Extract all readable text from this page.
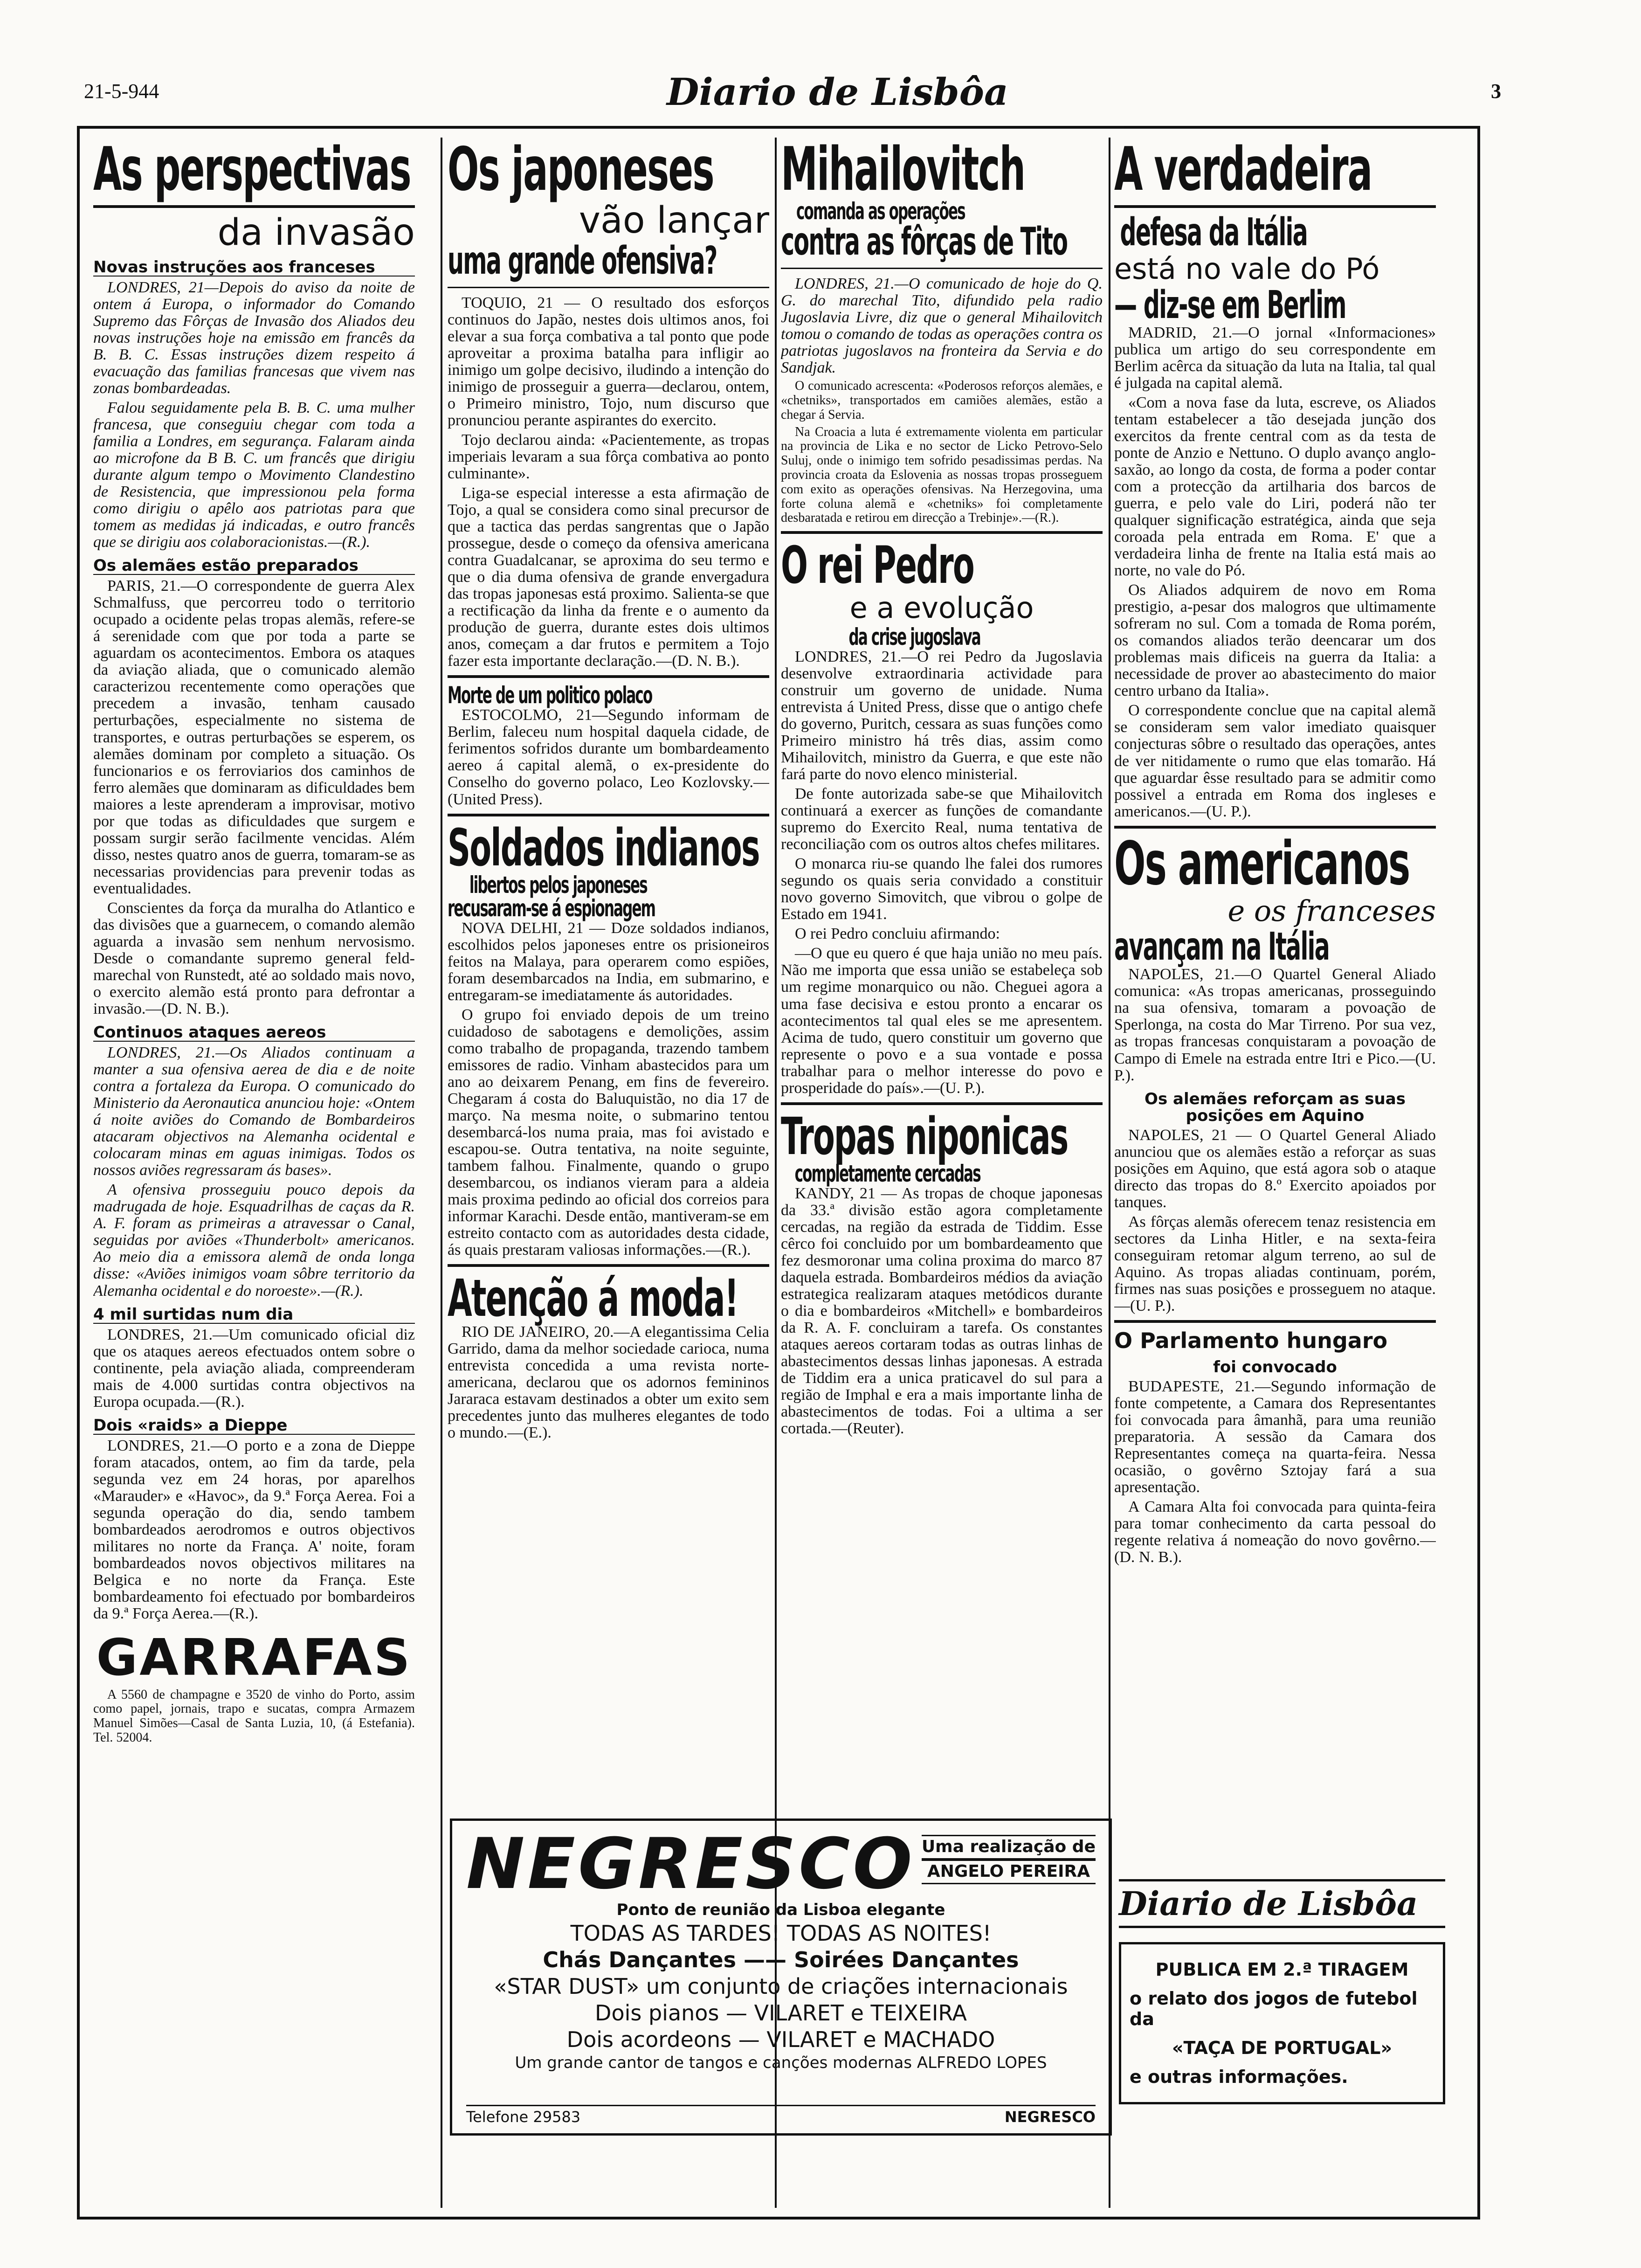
21-5-944	Diario de Lisbôa	3
As perspectivas
da invasão
Novas instruções aos franceses

LONDRES, 21—Depois do aviso da noite de ontem á Europa, o informador do Comando Supremo das Fôrças de Invasão dos Aliados deu novas instruções hoje na emissão em francês da B. B. C. Essas instruções dizem respeito á evacuação das familias francesas que vivem nas zonas bombardeadas.

Falou seguidamente pela B. B. C. uma mulher francesa, que conseguiu chegar com toda a familia a Londres, em segurança. Falaram ainda ao microfone da B B. C. um francês que dirigiu durante algum tempo o Movimento Clandestino de Resistencia, que impressionou pela forma como dirigiu o apêlo aos patriotas para que tomem as medidas já indicadas, e outro francês que se dirigiu aos colaboracionistas.—(R.).

Os alemães estão preparados

PARIS, 21.—O correspondente de guerra Alex Schmalfuss, que percorreu todo o territorio ocupado a ocidente pelas tropas alemãs, refere-se á serenidade com que por toda a parte se aguardam os acontecimentos. Embora os ataques da aviação aliada, que o comunicado alemão caracterizou recentemente como operações que precedem a invasão, tenham causado perturbações, especialmente no sistema de transportes, e outras perturbações se esperem, os alemães dominam por completo a situação. Os funcionarios e os ferroviarios dos caminhos de ferro alemães que dominaram as dificuldades bem maiores a leste aprenderam a improvisar, motivo por que todas as dificuldades que surgem e possam surgir serão facilmente vencidas. Além disso, nestes quatro anos de guerra, tomaram-se as necessarias providencias para prevenir todas as eventualidades.

Conscientes da força da muralha do Atlantico e das divisões que a guarnecem, o comando alemão aguarda a invasão sem nenhum nervosismo. Desde o comandante supremo general feld-marechal von Runstedt, até ao soldado mais novo, o exercito alemão está pronto para defrontar a invasão.—(D. N. B.).

Continuos ataques aereos

LONDRES, 21.—Os Aliados continuam a manter a sua ofensiva aerea de dia e de noite contra a fortaleza da Europa. O comunicado do Ministerio da Aeronautica anunciou hoje: «Ontem á noite aviões do Comando de Bombardeiros atacaram objectivos na Alemanha ocidental e colocaram minas em aguas inimigas. Todos os nossos aviões regressaram ás bases».

A ofensiva prosseguiu pouco depois da madrugada de hoje. Esquadrilhas de caças da R. A. F. foram as primeiras a atravessar o Canal, seguidas por aviões «Thunderbolt» americanos. Ao meio dia a emissora alemã de onda longa disse: «Aviões inimigos voam sôbre territorio da Alemanha ocidental e do noroeste».—(R.).

4 mil surtidas num dia

LONDRES, 21.—Um comunicado oficial diz que os ataques aereos efectuados ontem sobre o continente, pela aviação aliada, compreenderam mais de 4.000 surtidas contra objectivos na Europa ocupada.—(R.).

Dois «raids» a Dieppe

LONDRES, 21.—O porto e a zona de Dieppe foram atacados, ontem, ao fim da tarde, pela segunda vez em 24 horas, por aparelhos «Marauder» e «Havoc», da 9.ª Força Aerea. Foi a segunda operação do dia, sendo tambem bombardeados aerodromos e outros objectivos militares no norte da França. A' noite, foram bombardeados novos objectivos militares na Belgica e no norte da França. Este bombardeamento foi efectuado por bombardeiros da 9.ª Força Aerea.—(R.).

GARRAFAS

A 5560 de champagne e 3520 de vinho do Porto, assim como papel, jornais, trapo e sucatas, compra Armazem Manuel Simões—Casal de Santa Luzia, 10, (á Estefania). Tel. 52004.

Os japoneses
vão lançar
uma grande ofensiva?

TOQUIO, 21 — O resultado dos esforços continuos do Japão, nestes dois ultimos anos, foi elevar a sua força combativa a tal ponto que pode aproveitar a proxima batalha para infligir ao inimigo um golpe decisivo, iludindo a intenção do inimigo de prosseguir a guerra—declarou, ontem, o Primeiro ministro, Tojo, num discurso que pronunciou perante aspirantes do exercito.

Tojo declarou ainda: «Pacientemente, as tropas imperiais levaram a sua fôrça combativa ao ponto culminante».

Liga-se especial interesse a esta afirmação de Tojo, a qual se considera como sinal precursor de que a tactica das perdas sangrentas que o Japão prossegue, desde o começo da ofensiva americana contra Guadalcanar, se aproxima do seu termo e que o dia duma ofensiva de grande envergadura das tropas japonesas está proximo. Salienta-se que a rectificação da linha da frente e o aumento da produção de guerra, durante estes dois ultimos anos, começam a dar frutos e permitem a Tojo fazer esta importante declaração.—(D. N. B.).

Morte de um politico polaco

ESTOCOLMO, 21—Segundo informam de Berlim, faleceu num hospital daquela cidade, de ferimentos sofridos durante um bombardeamento aereo á capital alemã, o ex-presidente do Conselho do governo polaco, Leo Kozlovsky.—(United Press).

Soldados indianos
libertos pelos japoneses
recusaram-se á espionagem

NOVA DELHI, 21 — Doze soldados indianos, escolhidos pelos japoneses entre os prisioneiros feitos na Malaya, para operarem como espiões, foram desembarcados na India, em submarino, e entregaram-se imediatamente ás autoridades.

O grupo foi enviado depois de um treino cuidadoso de sabotagens e demolições, assim como trabalho de propaganda, trazendo tambem emissores de radio. Vinham abastecidos para um ano ao deixarem Penang, em fins de fevereiro. Chegaram á costa do Baluquistão, no dia 17 de março. Na mesma noite, o submarino tentou desembarcá-los numa praia, mas foi avistado e escapou-se. Outra tentativa, na noite seguinte, tambem falhou. Finalmente, quando o grupo desembarcou, os indianos vieram para a aldeia mais proxima pedindo ao oficial dos correios para informar Karachi. Desde então, mantiveram-se em estreito contacto com as autoridades desta cidade, ás quais prestaram valiosas informações.—(R.).

Atenção á moda!

RIO DE JANEIRO, 20.—A elegantissima Celia Garrido, dama da melhor sociedade carioca, numa entrevista concedida a uma revista norte-americana, declarou que os adornos femininos Jararaca estavam destinados a obter um exito sem precedentes junto das mulheres elegantes de todo o mundo.—(E.).

Mihailovitch
comanda as operações
contra as fôrças de Tito

LONDRES, 21.—O comunicado de hoje do Q. G. do marechal Tito, difundido pela radio Jugoslavia Livre, diz que o general Mihailovitch tomou o comando de todas as operações contra os patriotas jugoslavos na fronteira da Servia e do Sandjak.

O comunicado acrescenta: «Poderosos reforços alemães, e «chetniks», transportados em camiões alemães, estão a chegar á Servia.

Na Croacia a luta é extremamente violenta em particular na provincia de Lika e no sector de Licko Petrovo-Selo Suluj, onde o inimigo tem sofrido pesadissimas perdas. Na provincia croata da Eslovenia as nossas tropas prosseguem com exito as operações ofensivas. Na Herzegovina, uma forte coluna alemã e «chetniks» foi completamente desbaratada e retirou em direcção a Trebinje».—(R.).

O rei Pedro
e a evolução
da crise jugoslava

LONDRES, 21.—O rei Pedro da Jugoslavia desenvolve extraordinaria actividade para construir um governo de unidade. Numa entrevista á United Press, disse que o antigo chefe do governo, Puritch, cessara as suas funções como Primeiro ministro há três dias, assim como Mihailovitch, ministro da Guerra, e que este não fará parte do novo elenco ministerial.

De fonte autorizada sabe-se que Mihailovitch continuará a exercer as funções de comandante supremo do Exercito Real, numa tentativa de reconciliação com os outros altos chefes militares.

O monarca riu-se quando lhe falei dos rumores segundo os quais seria convidado a constituir novo governo Simovitch, que vibrou o golpe de Estado em 1941.

O rei Pedro concluiu afirmando:

—O que eu quero é que haja união no meu país. Não me importa que essa união se estabeleça sob um regime monarquico ou não. Cheguei agora a uma fase decisiva e estou pronto a encarar os acontecimentos tal qual eles se me apresentem. Acima de tudo, quero constituir um governo que represente o povo e a sua vontade e possa trabalhar para o melhor interesse do povo e prosperidade do país».—(U. P.).

Tropas niponicas
completamente cercadas

KANDY, 21 — As tropas de choque japonesas da 33.ª divisão estão agora completamente cercadas, na região da estrada de Tiddim. Esse cêrco foi concluido por um bombardeamento que fez desmoronar uma colina proxima do marco 87 daquela estrada. Bombardeiros médios da aviação estrategica realizaram ataques metódicos durante o dia e bombardeiros «Mitchell» e bombardeiros da R. A. F. concluiram a tarefa. Os constantes ataques aereos cortaram todas as outras linhas de abastecimentos dessas linhas japonesas. A estrada de Tiddim era a unica praticavel do sul para a região de Imphal e era a mais importante linha de abastecimentos de todas. Foi a ultima a ser cortada.—(Reuter).

A verdadeira
defesa da Itália
está no vale do Pó
— diz-se em Berlim

MADRID, 21.—O jornal «Informaciones» publica um artigo do seu correspondente em Berlim acêrca da situação da luta na Italia, tal qual é julgada na capital alemã.

«Com a nova fase da luta, escreve, os Aliados tentam estabelecer a tão desejada junção dos exercitos da frente central com as da testa de ponte de Anzio e Nettuno. O duplo avanço anglo-saxão, ao longo da costa, de forma a poder contar com a protecção da artilharia dos barcos de guerra, e pelo vale do Liri, poderá não ter qualquer significação estratégica, ainda que seja coroada pela entrada em Roma. E' que a verdadeira linha de frente na Italia está mais ao norte, no vale do Pó.

Os Aliados adquirem de novo em Roma prestigio, a-pesar dos malogros que ultimamente sofreram no sul. Com a tomada de Roma porém, os comandos aliados terão deencarar um dos problemas mais dificeis na guerra da Italia: a necessidade de prover ao abastecimento do maior centro urbano da Italia».

O correspondente conclue que na capital alemã se consideram sem valor imediato quaisquer conjecturas sôbre o resultado das operações, antes de ver nitidamente o rumo que elas tomarão. Há que aguardar êsse resultado para se admitir como possivel a entrada em Roma dos ingleses e americanos.—(U. P.).

Os americanos
e os franceses
avançam na Itália

NAPOLES, 21.—O Quartel General Aliado comunica: «As tropas americanas, prosseguindo na sua ofensiva, tomaram a povoação de Sperlonga, na costa do Mar Tirreno. Por sua vez, as tropas francesas conquistaram a povoação de Campo di Emele na estrada entre Itri e Pico.—(U. P.).

Os alemães reforçam as suas posições em Aquino

NAPOLES, 21 — O Quartel General Aliado anunciou que os alemães estão a reforçar as suas posições em Aquino, que está agora sob o ataque directo das tropas do 8.º Exercito apoiados por tanques.

As fôrças alemãs oferecem tenaz resistencia em sectores da Linha Hitler, e na sexta-feira conseguiram retomar algum terreno, ao sul de Aquino. As tropas aliadas continuam, porém, firmes nas suas posições e prosseguem no ataque.—(U. P.).

O Parlamento hungaro
foi convocado

BUDAPESTE, 21.—Segundo informação de fonte competente, a Camara dos Representantes foi convocada para âmanhã, para uma reunião preparatoria. A sessão da Camara dos Representantes começa na quarta-feira. Nessa ocasião, o govêrno Sztojay fará a sua apresentação.

A Camara Alta foi convocada para quinta-feira para tomar conhecimento da carta pessoal do regente relativa á nomeação do novo govêrno.—(D. N. B.).

NEGRESCO Uma realização de
ANGELO PEREIRA
Ponto de reunião da Lisboa elegante
TODAS AS TARDES! TODAS AS NOITES!
Chás Dançantes —— Soirées Dançantes
«STAR DUST» um conjunto de criações internacionais
Dois pianos — VILARET e TEIXEIRA
Dois acordeons — VILARET e MACHADO
Um grande cantor de tangos e canções modernas ALFREDO LOPES
Telefone 29583	NEGRESCO
Diario de Lisbôa
PUBLICA EM 2.ª TIRAGEM
o relato dos jogos de futebol da
«TAÇA DE PORTUGAL»
e outras informações.
